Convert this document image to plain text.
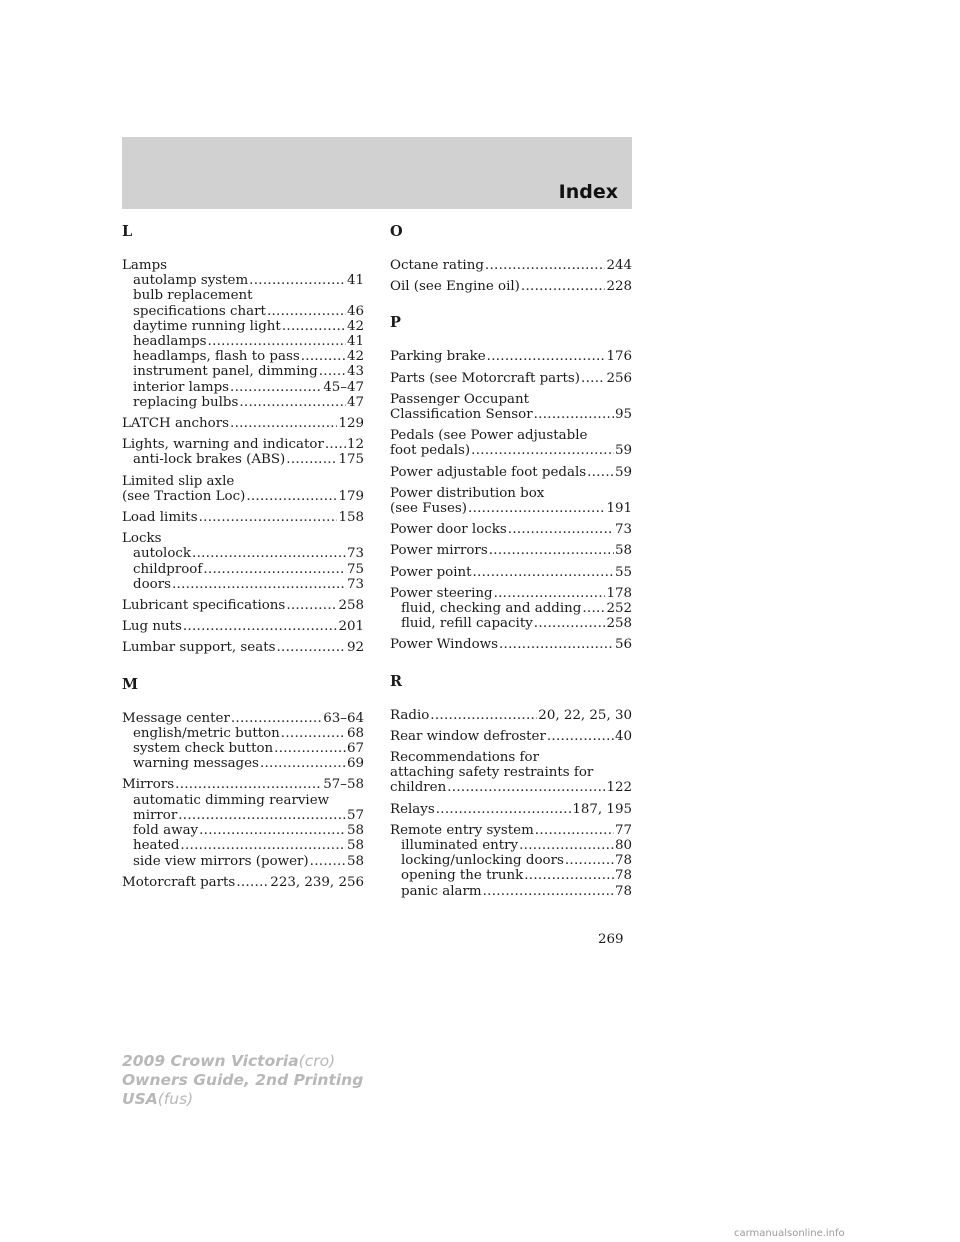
Index
L
Lamps
autolamp system .....	41
bulb replacement
specifications chart .....	46
daytime running light .....	42
headlamps .....	41
headlamps, flash to pass .....	42
instrument panel, dimming ..... 43
interior lamps .....	45–47
replacing bulbs .....	47
LATCH anchors .....	129
Lights, warning and indicator ..... 12
anti-lock brakes (ABS) .....	175
Limited slip axle
(see Traction Loc) .....	179
Load limits .....	158
Locks
autolock .....	73
childproof .....	75
doors .....	73
Lubricant specifications .....	258
Lug nuts .....	201
Lumbar support, seats .....	92
M
Message center .....	63–64
english/metric button .....	68
system check button .....	67
warning messages .....	69
Mirrors .....	57–58
automatic dimming rearview
mirror .....	57
fold away .....	58
heated .....	58
side view mirrors (power) .....	58
Motorcraft parts .....	223, 239, 256
O
Octane rating .....	244
Oil (see Engine oil) .....	228
P
Parking brake .....	176
Parts (see Motorcraft parts) ..... 256
Passenger Occupant
Classification Sensor .....	95
Pedals (see Power adjustable
foot pedals) .....	59
Power adjustable foot pedals ..... 59
Power distribution box
(see Fuses) .....	191
Power door locks .....	73
Power mirrors .....	58
Power point .....	55
Power steering .....	178
fluid, checking and adding ..... 252
fluid, refill capacity .....	258
Power Windows .....	56
R
Radio .....	20, 22, 25, 30
Rear window defroster .....	40
Recommendations for
attaching safety restraints for
children .....	122
Relays .....	187, 195
Remote entry system .....	77
illuminated entry .....	80
locking/unlocking doors .....	78
opening the trunk .....	78
panic alarm .....	78
269
2009 Crown Victoria(cro)
Owners Guide, 2nd Printing
USA(fus)
carmanualsonline.info
